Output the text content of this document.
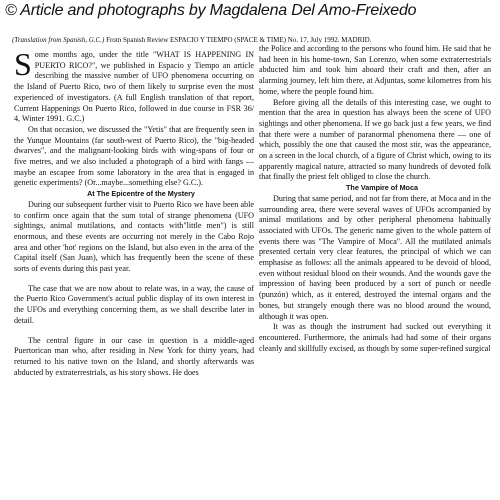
© Article and photographs by Magdalena Del Amo-Freixedo
(Translation from Spanish, G.C.) From Spanish Review ESPACIO Y TIEMPO (SPACE & TIME) No. 17, July 1992. MADRID.

Some months ago, under the title "WHAT IS HAPPENING IN PUERTO RICO?", we published in Espacio y Tiempo an article describing the massive number of UFO phenomena occurring on the Island of Puerto Rico, two of them likely to surprise even the most experienced of investigators. (A full English translation of that report, Current Happenings On Puerto Rico, followed in due course in FSR 36/ 4, Winter 1991. G.C.)

On that occasion, we discussed the "Yetis" that are frequently seen in the Yunque Mountains (far south-west of Puerto Rico), the "big-headed dwarves", and the malignant-looking birds with wing-spans of four or five metres, and we also included a photograph of a bird with fangs — maybe an escapee from some laboratory in the area that is engaged in genetic experiments? (Or...maybe...something else? G.C.).

At The Epicentre of the Mystery

During our subsequent further visit to Puerto Rico we have been able to confirm once again that the sum total of strange phenomena (UFO sightings, animal mutilations, and contacts with"little men") is still enormous, and these events are occurring not merely in the Cabo Rojo area and other 'hot' regions on the Island, but also even in the area of the Capital itself (San Juan), which has frequently been the scene of these sorts of events during this past year.

The case that we are now about to relate was, in a way, the cause of the Puerto Rico Government's actual public display of its own interest in the UFOs and everything concerning them, as we shall describe later in detail.

The central figure in our case in question is a middle-aged Puertorican man who, after residing in New York for thirty years, had returned to his native town on the Island, and shortly afterwards was abducted by extraterrestrials, as his story shows. He does

the Police and according to the persons who found him. He said that he had been in his home-town, San Lorenzo, when some extraterrestrials abducted him and took him aboard their craft and then, after an alarming journey, left him there, at Adjuntas, some kilometres from his home, where the people found him.

Before giving all the details of this interesting case, we ought to mention that the area in question has always been the scene of UFO sightings and other phenomena. If we go back just a few years, we find that there were a number of paranormal phenomena there — one of which, possibly the one that caused the most stir, was the appearance, on a screen in the local church, of a figure of Christ which, owing to its apparently magical nature, attracted so many hundreds of devoted folk that finally the priest felt obliged to close the church.

The Vampire of Moca

During that same period, and not far from there, at Moca and in the surrounding area, there were several waves of UFOs accompanied by animal mutilations and by other peripheral phenomena habitually associated with UFOs. The generic name given to the whole pattern of events there was "The Vampire of Moca". All the mutilated animals presented certain very clear features, the principal of which we can emphasise as follows: all the animals appeared to be devoid of blood, even without residual blood on their wounds. And the wounds gave the impression of having been produced by a sort of punch or needle (punzón) which, as it entered, destroyed the internal organs and the bones, but strangely enough there was no blood around the wound, although it was open.

It was as though the instrument had sucked out everything it encountered. Furthermore, the animals had had some of their organs cleanly and skillfully excised, as though by some super-refined surgical
